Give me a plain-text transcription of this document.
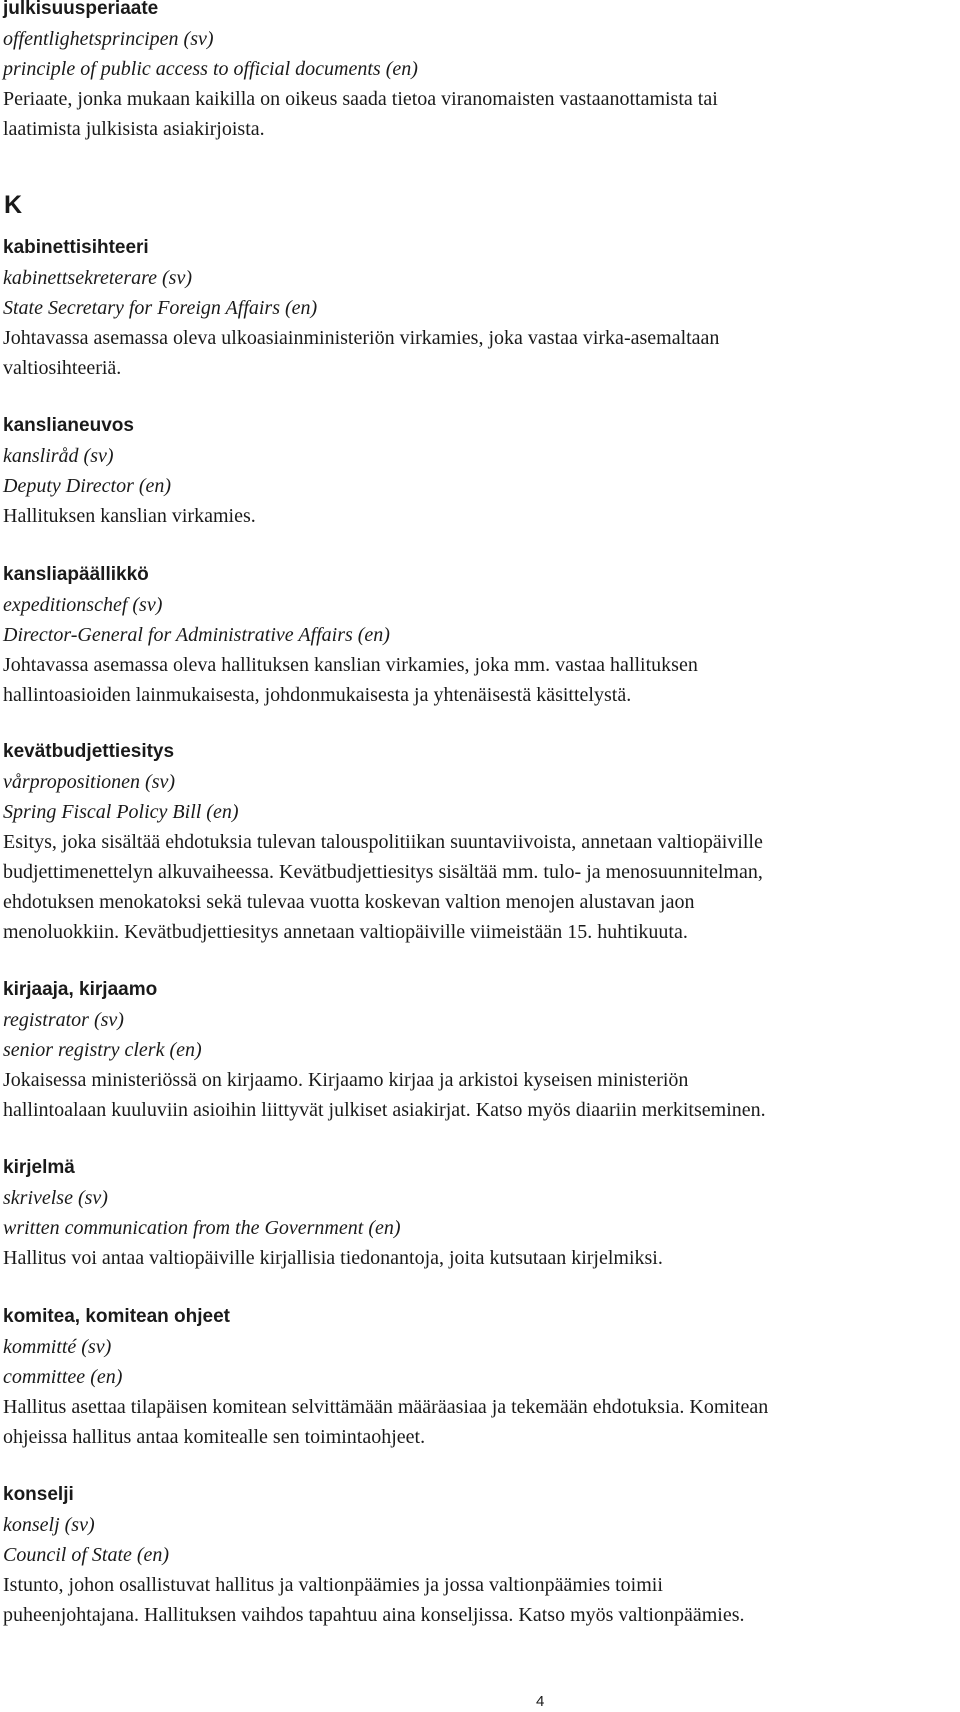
julkisuusperiaate
offentlighetsprincipen (sv)
principle of public access to official documents (en)
Periaate, jonka mukaan kaikilla on oikeus saada tietoa viranomaisten vastaanottamista tai
laatimista julkisista asiakirjoista.
K
kabinettisihteeri
kabinettsekreterare (sv)
State Secretary for Foreign Affairs (en)
Johtavassa asemassa oleva ulkoasiainministeriön virkamies, joka vastaa virka-asemaltaan
valtiosihteeriä.
kanslianeuvos
kansliråd (sv)
Deputy Director (en)
Hallituksen kanslian virkamies.
kansliapäällikkö
expeditionschef (sv)
Director-General for Administrative Affairs (en)
Johtavassa asemassa oleva hallituksen kanslian virkamies, joka mm. vastaa hallituksen
hallintoasioiden lainmukaisesta, johdonmukaisesta ja yhtenäisestä käsittelystä.
kevätbudjettiesitys
vårpropositionen (sv)
Spring Fiscal Policy Bill (en)
Esitys, joka sisältää ehdotuksia tulevan talouspolitiikan suuntaviivoista, annetaan valtiopäiville
budjettimenettelyn alkuvaiheessa. Kevätbudjettiesitys sisältää mm. tulo- ja menosuunnitelman,
ehdotuksen menokatoksi sekä tulevaa vuotta koskevan valtion menojen alustavan jaon
menoluokkiin. Kevätbudjettiesitys annetaan valtiopäiville viimeistään 15. huhtikuuta.
kirjaaja, kirjaamo
registrator (sv)
senior registry clerk (en)
Jokaisessa ministeriössä on kirjaamo. Kirjaamo kirjaa ja arkistoi kyseisen ministeriön
hallintoalaan kuuluviin asioihin liittyvät julkiset asiakirjat. Katso myös diaariin merkitseminen.
kirjelmä
skrivelse (sv)
written communication from the Government (en)
Hallitus voi antaa valtiopäiville kirjallisia tiedonantoja, joita kutsutaan kirjelmiksi.
komitea, komitean ohjeet
kommitté (sv)
committee (en)
Hallitus asettaa tilapäisen komitean selvittämään määräasiaa ja tekemään ehdotuksia. Komitean
ohjeissa hallitus antaa komitealle sen toimintaohjeet.
konselji
konselj (sv)
Council of State (en)
Istunto, johon osallistuvat hallitus ja valtionpäämies ja jossa valtionpäämies toimii
puheenjohtajana. Hallituksen vaihdos tapahtuu aina konseljissa. Katso myös valtionpäämies.
4
